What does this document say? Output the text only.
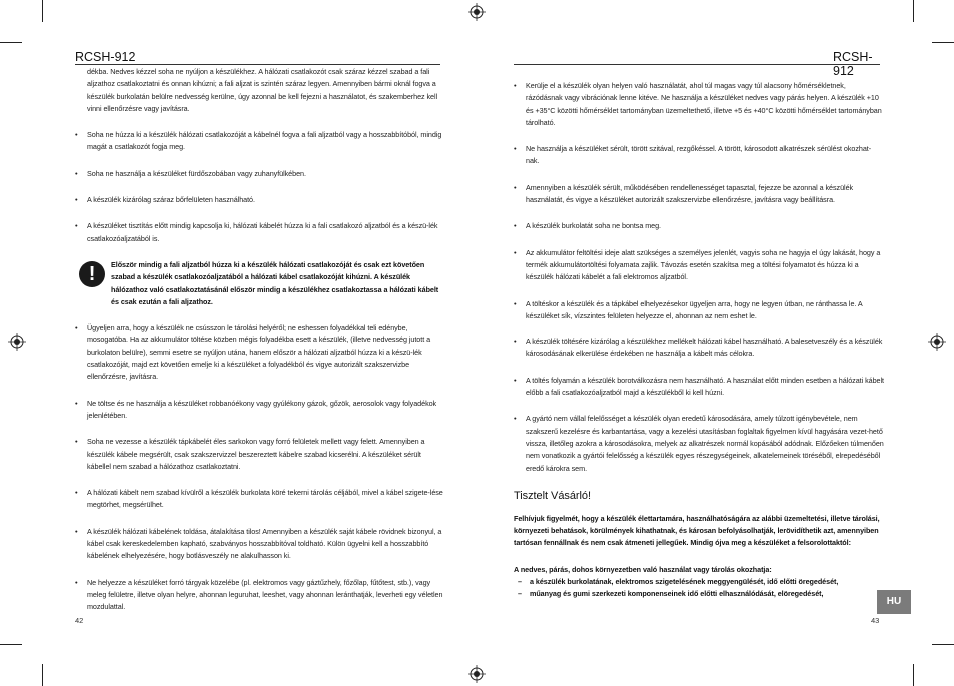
RCSH-912
dékba. Nedves kézzel soha ne nyúljon a készülékhez. A hálózati csatlakozót csak száraz kézzel szabad a fali aljzathoz csatlakoztatni és onnan kihúzni; a fali aljzat is szintén száraz legyen. Amennyiben bármi oknál fogva a készülék burkolatán belülre nedvesség kerülne, úgy azonnal be kell fejezni a használatot, és szakemberhez kell vinni ellenőrzésre vagy javításra.
• Soha ne húzza ki a készülék hálózati csatlakozóját a kábelnél fogva a fali aljzatból vagy a hosszabbítóból, mindig magát a csatlakozót fogja meg.
• Soha ne használja a készüléket fürdőszobában vagy zuhanyfülkében.
• A készülék kizárólag száraz bőrfelületen használható.
• A készüléket tisztítás előtt mindig kapcsolja ki, hálózati kábelét húzza ki a fali csatlakozó aljzatból és a készü-lék csatlakozóaljzatából is.
!	Először mindig a fali aljzatból húzza ki a készülék hálózati csatlakozóját és csak ezt követően szabad a készülék csatlakozóaljzatából a hálózati kábel csatlakozóját kihúzni. A készülék hálózathoz való csatlakoztatásánál először mindig a készülékhez csatlakoztassa a hálózati kábelt és csak ezután a fali aljzathoz.
• Ügyeljen arra, hogy a készülék ne csússzon le tárolási helyéről; ne eshessen folyadékkal teli edénybe, mosogatóba. Ha az akkumulátor töltése közben mégis folyadékba esett a készülék, (illetve nedvesség jutott a burkolaton belülre), semmi esetre se nyúljon utána, hanem először a hálózati aljzatból húzza ki a készü-lék csatlakozóját, majd ezt követően emelje ki a készüléket a folyadékból és vigye autorizált szakszervizbe ellenőrzésre, javításra.
• Ne töltse és ne használja a készüléket robbanóékony vagy gyúlékony gázok, gőzök, aerosolok vagy folyadékok jelenlétében.
• Soha ne vezesse a készülék tápkábelét éles sarkokon vagy forró felületek mellett vagy felett. Amennyiben a készülék kábele megsérült, csak szakszervizzel beszereztett kábelre szabad kicserélni. A készüléket sérült kábellel nem szabad a hálózathoz csatlakoztatni.
• A hálózati kábelt nem szabad kívülről a készülék burkolata köré tekerni tárolás céljából, mivel a kábel szigete-lése megtörhet, megsérülhet.
• A készülék hálózati kábelének toldása, átalakítása tilos! Amennyiben a készülék saját kábele rövidnek bizonyul, a kábel csak kereskedelemben kapható, szabványos hosszabbítóval toldható. Külön ügyelni kell a hosszabbító kábelének elhelyezésére, hogy botlásveszély ne alakulhasson ki.
• Ne helyezze a készüléket forró tárgyak közelébe (pl. elektromos vagy gáztűzhely, főzőlap, fűtőtest, stb.), vagy meleg felületre, illetve olyan helyre, ahonnan leguruhat, leeshet, vagy ahonnan leránthatják, leverheti egy véletlen mozdulattal.
42
RCSH-912
• Kerülje el a készülék olyan helyen való használatát, ahol túl magas vagy túl alacsony hőmérsékletnek, rázódásnak vagy vibrációnak lenne kitéve. Ne használja a készüléket nedves vagy párás helyen. A készülék +10 és +35°C közötti hőmérséklet tartományban üzemeltethető, illetve +5 és +40°C közötti hőmérséklet tartományban tárolható.
• Ne használja a készüléket sérült, törött szitával, rezgőkéssel. A törött, károsodott alkatrészek sérülést okozhat-nak.
• Amennyiben a készülék sérült, működésében rendellenességet tapasztal, fejezze be azonnal a készülék használatát, és vigye a készüléket autorizált szakszervizbe ellenőrzésre, javításra vagy beállításra.
• A készülék burkolatát soha ne bontsa meg.
• Az akkumulátor feltöltési ideje alatt szükséges a személyes jelenlét, vagyis soha ne hagyja el úgy lakását, hogy a termék akkumulátortöltési folyamata zajlik. Távozás esetén szakítsa meg a töltési folyamatot és húzza ki a készülék hálózati kábelét a fali elektromos aljzatból.
• A töltéskor a készülék és a tápkábel elhelyezésekor ügyeljen arra, hogy ne legyen útban, ne ránthassa le. A készüléket sík, vízszintes felületen helyezze el, ahonnan az nem eshet le.
• A készülék töltésére kizárólag a készülékhez mellékelt hálózati kábel használható. A balesetveszély és a készülék károsodásának elkerülése érdekében ne használja a kábelt más célokra.
• A töltés folyamán a készülék borotválkozásra nem használható. A használat előtt minden esetben a hálózati kábelt előbb a fali csatlakozóaljzatból majd a készülékből ki kell húzni.
• A gyártó nem vállal felelősséget a készülék olyan eredetű károsodására, amely túlzott igénybevétele, nem szakszerű kezelésre és karbantartása, vagy a kezelési utasításban foglaltak figyelmen kívül hagyására vezet-hető vissza, illetőleg azokra a károsodásokra, melyek az alkatrészek normál kopásából adódnak. Előzőeken túlmenően nem vonatkozik a gyártói felelősség a készülék egyes részegységeinek, alkatelemeinek töréséből, elrepedéséből eredő károkra sem.
Tisztelt Vásárló!
Felhívjuk figyelmét, hogy a készülék élettartamára, használhatóságára az alábbi üzemeltetési, illetve tárolási, környezeti behatások, körülmények kihathatnak, és károsan befolyásolhatják, lerövidíthetik azt, amennyiben tartósan fennállnak és nem csak átmeneti jellegűek. Mindig ójva meg a készüléket a felsorolottaktól:
A nedves, párás, dohos környezetben való használat vagy tárolás okozhatja:
– a készülék burkolatának, elektromos szigetelésének meggyengülését, idő előtti öregedését,
– műanyag és gumi szerkezeti komponenseinek idő előtti elhasználódását, elöregedését,
43
HU
